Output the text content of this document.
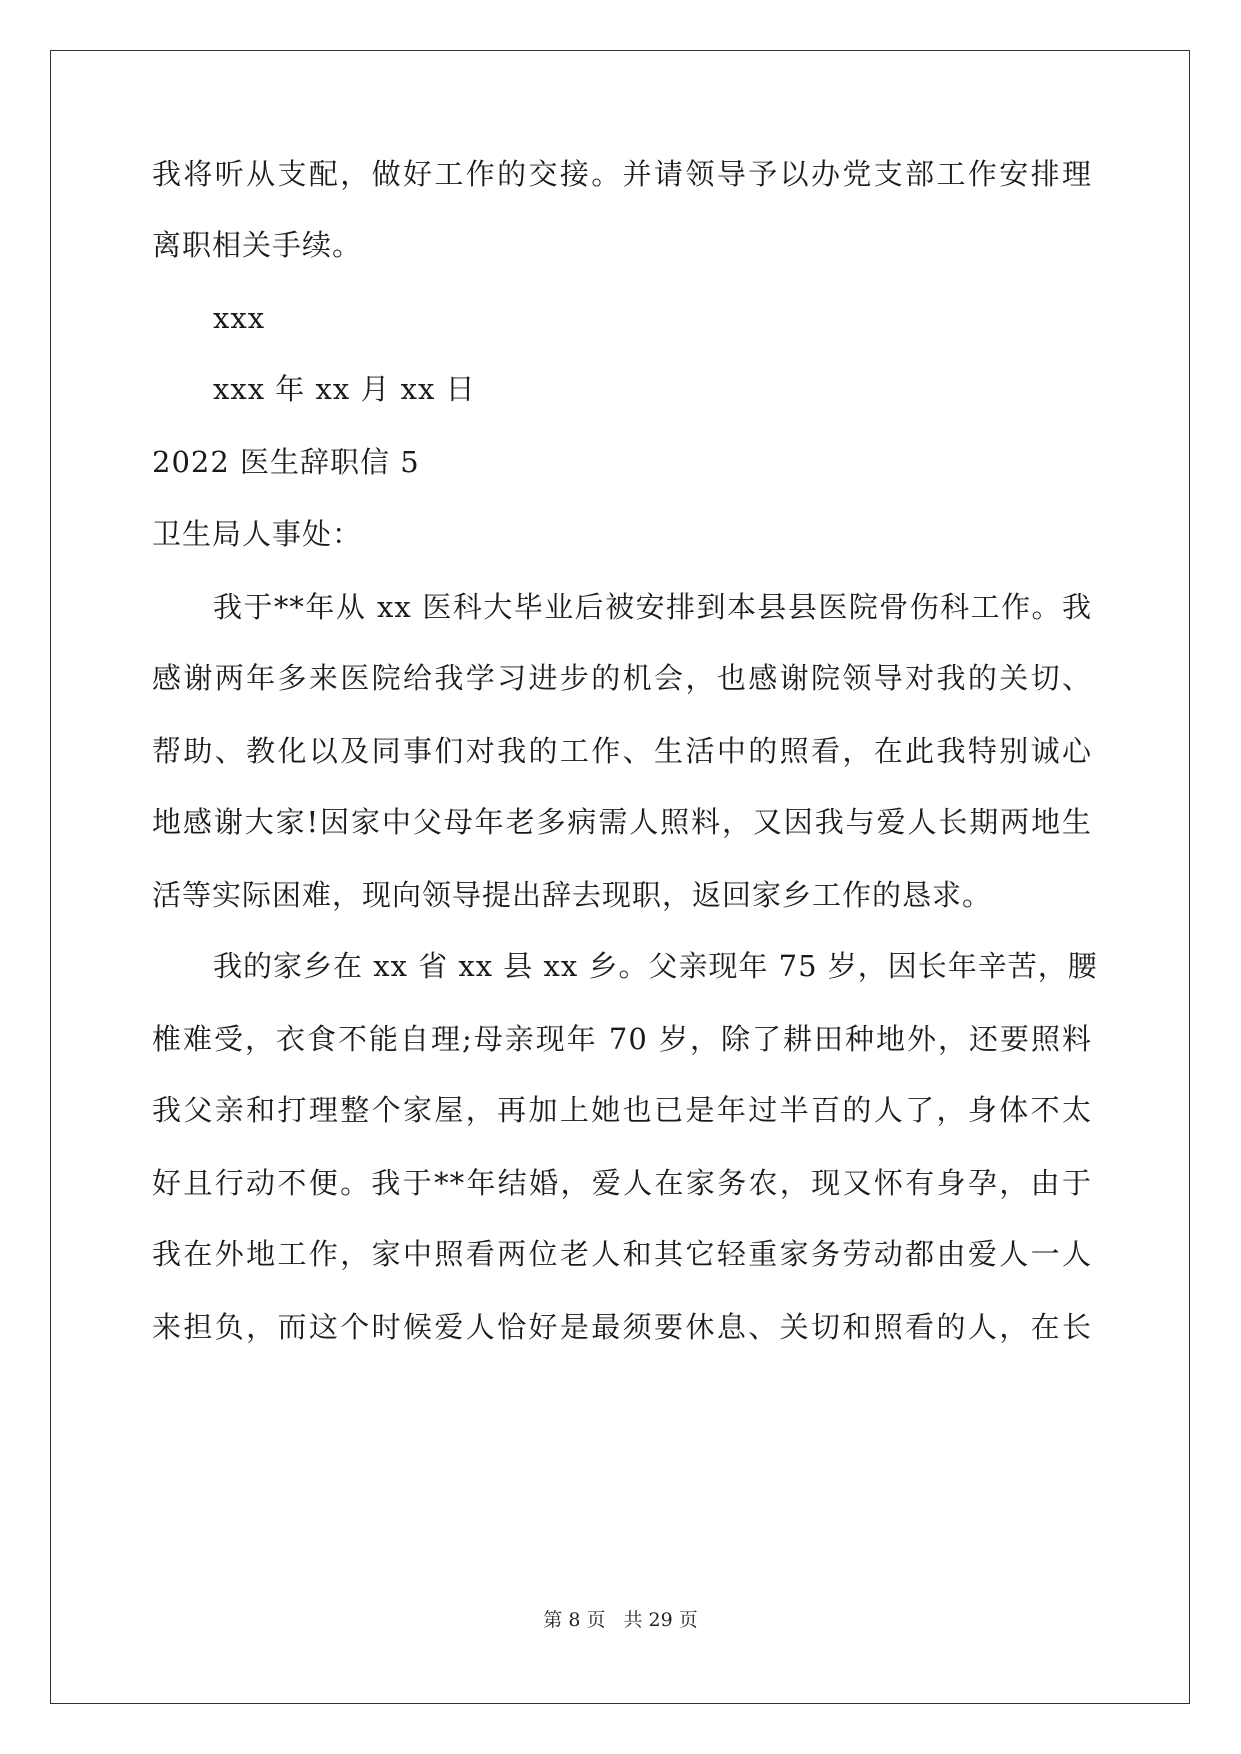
我将听从支配，做好工作的交接。并请领导予以办党支部工作安排理
离职相关手续。
xxx
xxx 年 xx 月 xx 日
2022 医生辞职信 5
卫生局人事处：
我于**年从 xx 医科大毕业后被安排到本县县医院骨伤科工作。我
感谢两年多来医院给我学习进步的机会，也感谢院领导对我的关切、
帮助、教化以及同事们对我的工作、生活中的照看，在此我特别诚心
地感谢大家!因家中父母年老多病需人照料，又因我与爱人长期两地生
活等实际困难，现向领导提出辞去现职，返回家乡工作的恳求。
我的家乡在 xx 省 xx 县 xx 乡。父亲现年 75 岁，因长年辛苦，腰
椎难受，衣食不能自理;母亲现年 70 岁，除了耕田种地外，还要照料
我父亲和打理整个家屋，再加上她也已是年过半百的人了，身体不太
好且行动不便。我于**年结婚，爱人在家务农，现又怀有身孕，由于
我在外地工作，家中照看两位老人和其它轻重家务劳动都由爱人一人
来担负，而这个时候爱人恰好是最须要休息、关切和照看的人，在长
第 8 页 共 29 页
